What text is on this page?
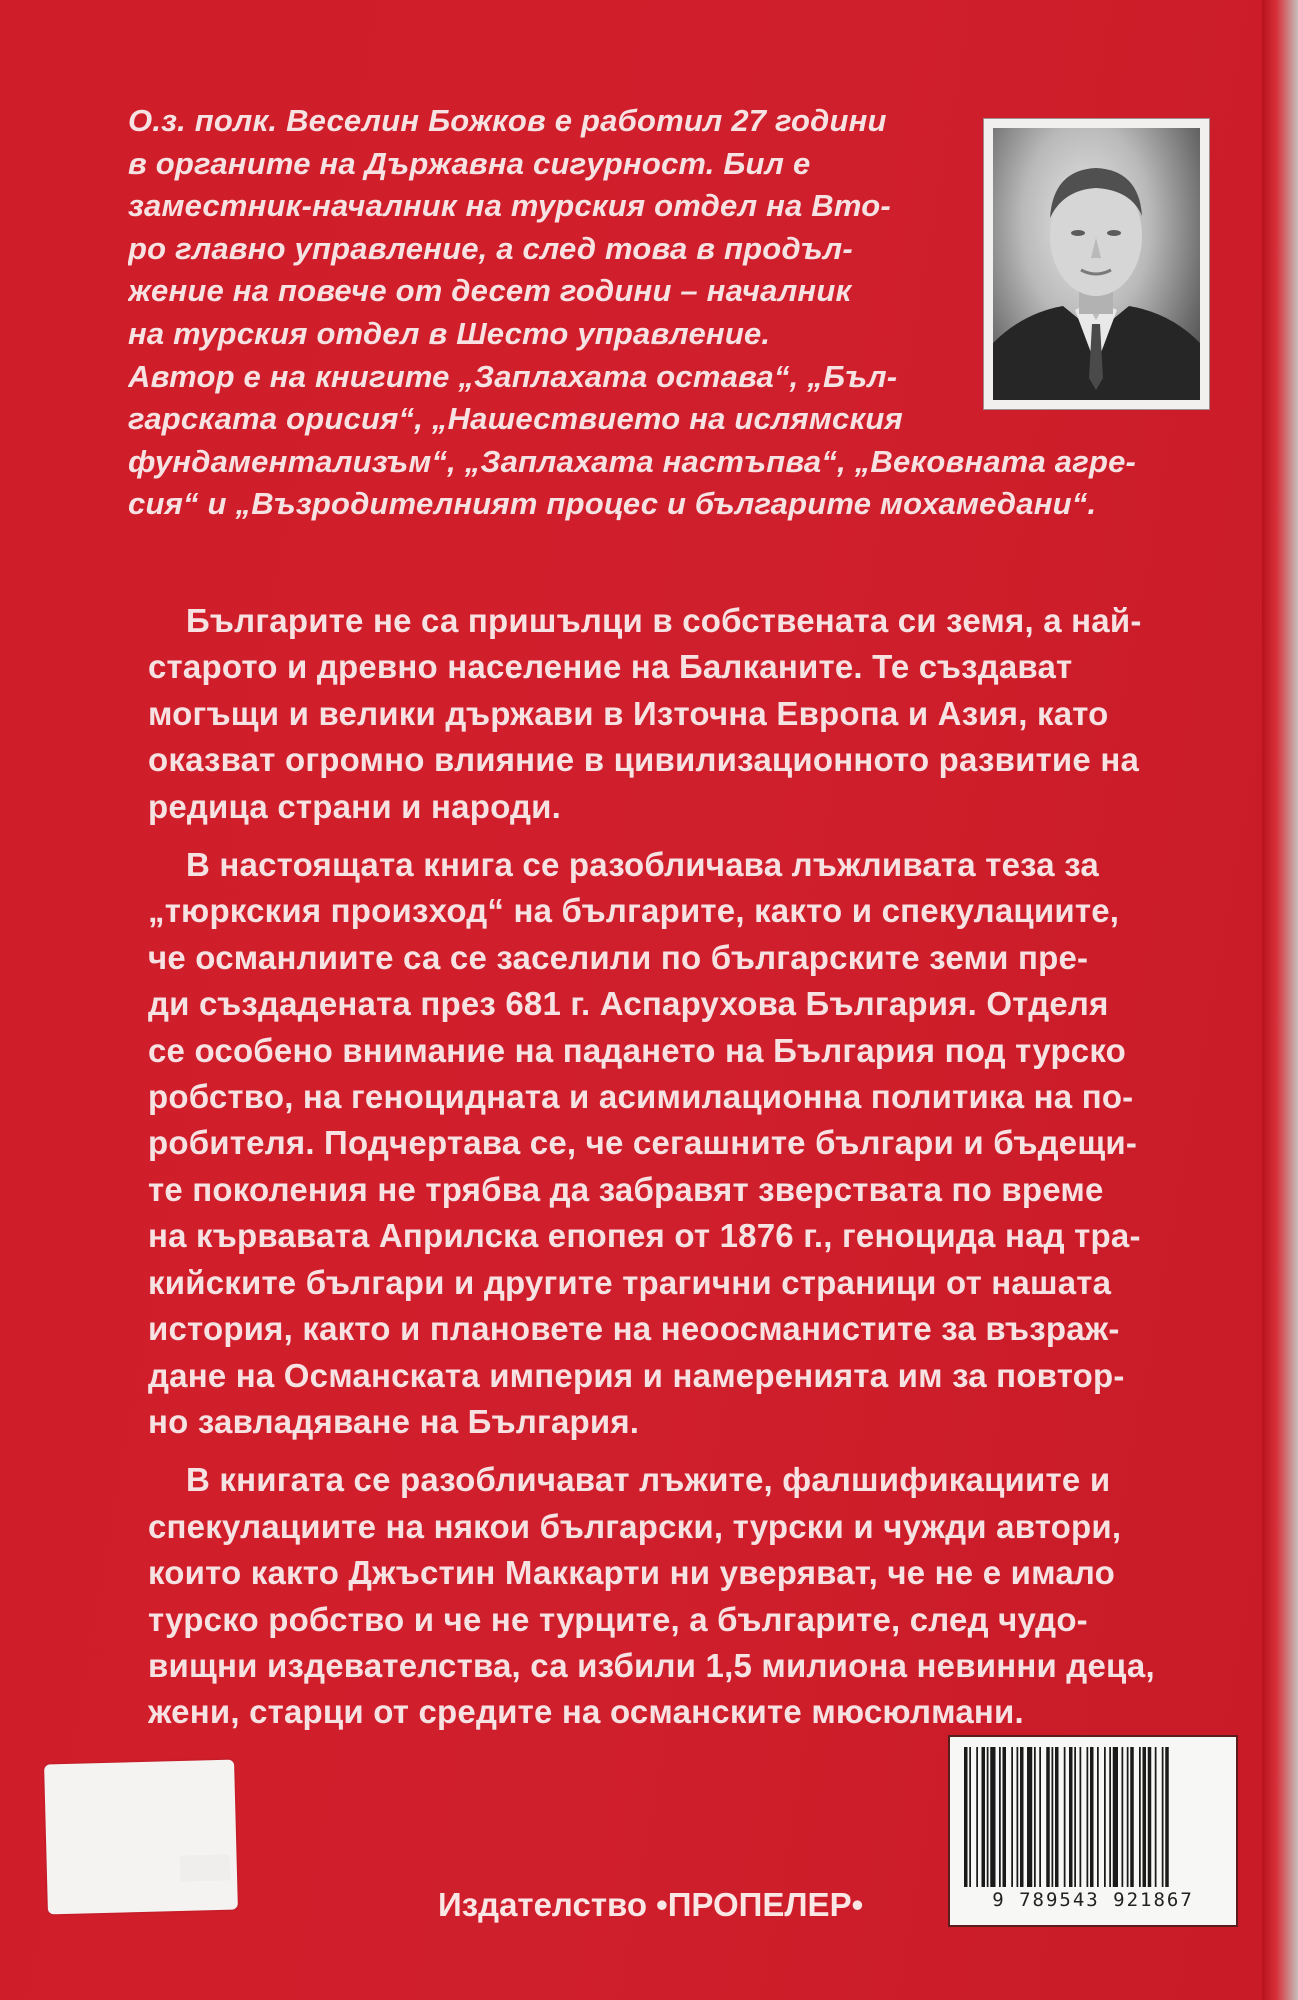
О.з. полк. Веселин Божков е работил 27 години
в органите на Държавна сигурност. Бил е
заместник-началник на турския отдел на Вто-
ро главно управление, а след това в продъл-
жение на повече от десет години – началник
на турския отдел в Шесто управление.
Автор е на книгите „Заплахата остава“, „Бъл-
гарската орисия“, „Нашествието на ислямския
фундаментализъм“, „Заплахата настъпва“, „Вековната агре-
сия“ и „Възродителният процес и българите мохамедани“.
Българите не са пришълци в собствената си земя, а най-
старото и древно население на Балканите. Те създават
могъщи и велики държави в Източна Европа и Азия, като
оказват огромно влияние в цивилизационното развитие на
редица страни и народи.
В настоящата книга се разобличава лъжливата теза за
„тюркския произход“ на българите, както и спекулациите,
че османлиите са се заселили по българските земи пре-
ди създадената през 681 г. Аспарухова България. Отделя
се особено внимание на падането на България под турско
робство, на геноцидната и асимилационна политика на по-
робителя. Подчертава се, че сегашните българи и бъдещи-
те поколения не трябва да забравят зверствата по време
на кървавата Априлска епопея от 1876 г., геноцида над тра-
кийските българи и другите трагични страници от нашата
история, както и плановете на неоосманистите за възраж-
дане на Османската империя и намеренията им за повтор-
но завладяване на България.
В книгата се разобличават лъжите, фалшификациите и
спекулациите на някои български, турски и чужди автори,
които както Джъстин Маккарти ни уверяват, че не е имало
турско робство и че не турците, а българите, след чудо-
вищни издевателства, са избили 1,5 милиона невинни деца,
жени, старци от средите на османските мюсюлмани.
Издателство •ПРОПЕЛЕР•	9 789543 921867
